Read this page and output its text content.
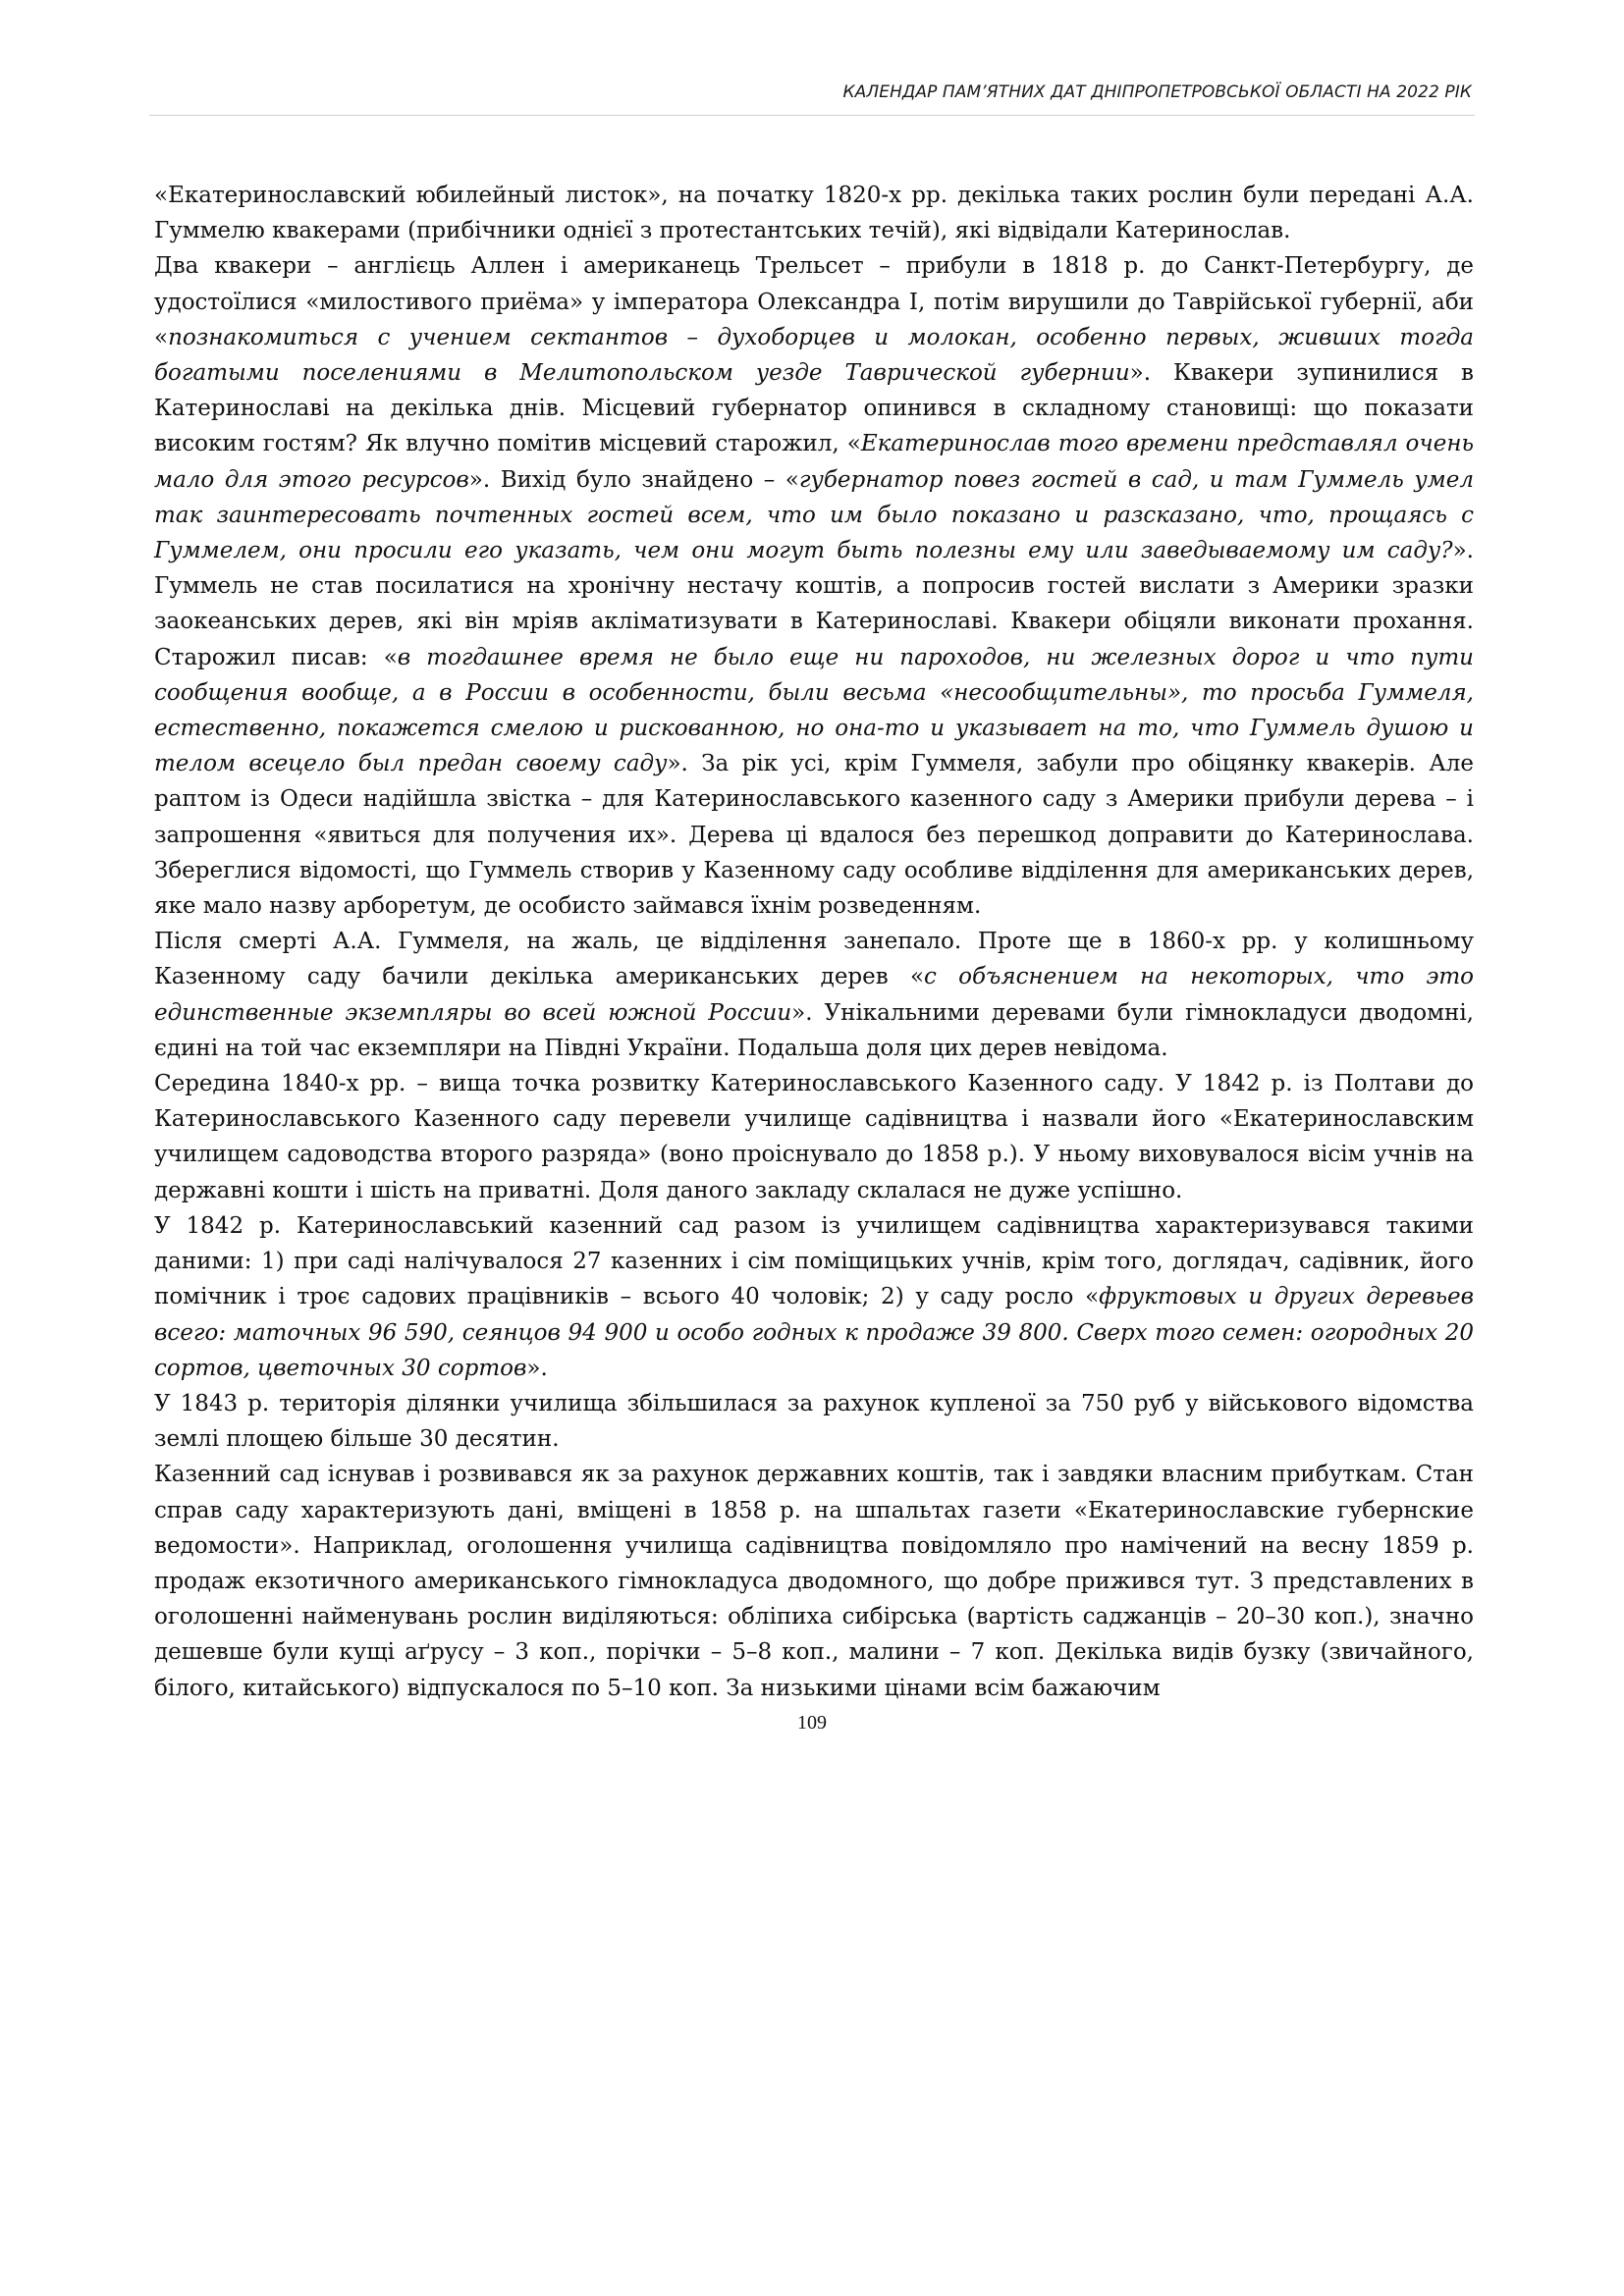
КАЛЕНДАР ПАМ’ЯТНИХ ДАТ ДНІПРОПЕТРОВСЬКОЇ ОБЛАСТІ НА 2022 РІК

«Екатеринославский юбилейный листок», на початку 1820-х рр. декілька таких рослин були передані А.А. Гуммелю квакерами (прибічники однієї з протестантських течій), які відвідали Катеринослав.

Два квакери – англієць Аллен і американець Трельсет – прибули в 1818 р. до Санкт-Петербургу, де удостоїлися «милостивого приёма» у імператора Олександра І, потім вирушили до Таврійської губернії, аби «познакомиться с учением сектантов – духоборцев и молокан, особенно первых, живших тогда богатыми поселениями в Мелитопольском уезде Таврической губернии». Квакери зупинилися в Катеринославі на декілька днів. Місцевий губернатор опинився в складному становищі: що показати високим гостям? Як влучно помітив місцевий старожил, «Екатеринослав того времени представлял очень мало для этого ресурсов». Вихід було знайдено – «губернатор повез гостей в сад, и там Гуммель умел так заинтересовать почтенных гостей всем, что им было показано и разсказано, что, прощаясь с Гуммелем, они просили его указать, чем они могут быть полезны ему или заведываемому им саду?». Гуммель не став посилатися на хронічну нестачу коштів, а попросив гостей вислати з Америки зразки заокеанських дерев, які він мріяв акліматизувати в Катеринославі. Квакери обіцяли виконати прохання. Старожил писав: «в тогдашнее время не было еще ни пароходов, ни железных дорог и что пути сообщения вообще, а в России в особенности, были весьма «несообщительны», то просьба Гуммеля, естественно, покажется смелою и рискованною, но она-то и указывает на то, что Гуммель душою и телом всецело был предан своему саду». За рік усі, крім Гуммеля, забули про обіцянку квакерів. Але раптом із Одеси надійшла звістка – для Катеринославського казенного саду з Америки прибули дерева – і запрошення «явиться для получения их». Дерева ці вдалося без перешкод доправити до Катеринослава. Збереглися відомості, що Гуммель створив у Казенному саду особливе відділення для американських дерев, яке мало назву арборетум, де особисто займався їхнім розведенням.

Після смерті А.А. Гуммеля, на жаль, це відділення занепало. Проте ще в 1860-х рр. у колишньому Казенному саду бачили декілька американських дерев «с объяснением на некоторых, что это единственные экземпляры во всей южной России». Унікальними деревами були гімнокладуси дводомні, єдині на той час екземпляри на Півдні України. Подальша доля цих дерев невідома.

Середина 1840-х рр. – вища точка розвитку Катеринославського Казенного саду. У 1842 р. із Полтави до Катеринославського Казенного саду перевели училище садівництва і назвали його «Екатеринославским училищем садоводства второго разряда» (воно проіснувало до 1858 р.). У ньому виховувалося вісім учнів на державні кошти і шість на приватні. Доля даного закладу склалася не дуже успішно.

У 1842 р. Катеринославський казенний сад разом із училищем садівництва характеризувався такими даними: 1) при саді налічувалося 27 казенних і сім поміщицьких учнів, крім того, доглядач, садівник, його помічник і троє садових працівників – всього 40 чоловік; 2) у саду росло «фруктовых и других деревьев всего: маточных 96 590, сеянцов 94 900 и особо годных к продаже 39 800. Сверх того семен: огородных 20 сортов, цветочных 30 сортов».

У 1843 р. територія ділянки училища збільшилася за рахунок купленої за 750 руб у військового відомства землі площею більше 30 десятин.

Казенний сад існував і розвивався як за рахунок державних коштів, так і завдяки власним прибуткам. Стан справ саду характеризують дані, вміщені в 1858 р. на шпальтах газети «Екатеринославские губернские ведомости». Наприклад, оголошення училища садівництва повідомляло про намічений на весну 1859 р. продаж екзотичного американського гімнокладуса дводомного, що добре прижився тут. З представлених в оголошенні найменувань рослин виділяються: обліпиха сибірська (вартість саджанців – 20–30 коп.), значно дешевше були кущі аґрусу – 3 коп., порічки – 5–8 коп., малини – 7 коп. Декілька видів бузку (звичайного, білого, китайського) відпускалося по 5–10 коп. За низькими цінами всім бажаючим

109
